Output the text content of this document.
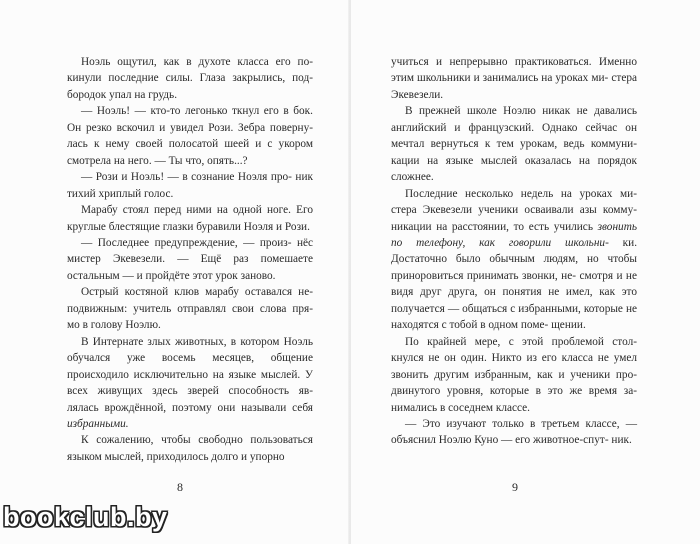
Ноэль ощутил, как в духоте класса его по- кинули последние силы. Глаза закрылись, под- бородок упал на грудь.

— Ноэль! — кто-то легонько ткнул его в бок. Он резко вскочил и увидел Рози. Зебра поверну- лась к нему своей полосатой шеей и с укором смотрела на него. — Ты что, опять...?

— Рози и Ноэль! — в сознание Ноэля про- ник тихий хриплый голос.

Марабу стоял перед ними на одной ноге. Его круглые блестящие глазки буравили Ноэля и Рози.

— Последнее предупреждение, — произ- нёс мистер Экевезели. — Ещё раз помешаете остальным — и пройдёте этот урок заново.

Острый костяной клюв марабу оставался не- подвижным: учитель отправлял свои слова пря- мо в голову Ноэлю.

В Интернате злых животных, в котором Ноэль обучался уже восемь месяцев, общение происходило исключительно на языке мыслей. У всех живущих здесь зверей способность яв- лялась врождённой, поэтому они называли себя избранными.

К сожалению, чтобы свободно пользоваться языком мыслей, приходилось долго и упорно

8

учиться и непрерывно практиковаться. Именно этим школьники и занимались на уроках ми- стера Экевезели.

В прежней школе Ноэлю никак не давались английский и французский. Однако сейчас он мечтал вернуться к тем урокам, ведь коммуни- кации на языке мыслей оказалась на порядок сложнее.

Последние несколько недель на уроках ми- стера Экевезели ученики осваивали азы комму- никации на расстоянии, то есть учились звонить по телефону, как говорили школьни- ки. Достаточно было обычным людям, но чтобы приноровиться принимать звонки, не- смотря и не видя друг друга, он понятия не имел, как это получается — общаться с избранными, которые не находятся с тобой в одном поме- щении.

По крайней мере, с этой проблемой стол- кнулся не он один. Никто из его класса не умел звонить другим избранным, как и ученики про- двинутого уровня, которые в это же время за- нимались в соседнем классе.

— Это изучают только в третьем классе, — объяснил Ноэлю Куно — его животное-спут- ник.

9
bookclub.by
